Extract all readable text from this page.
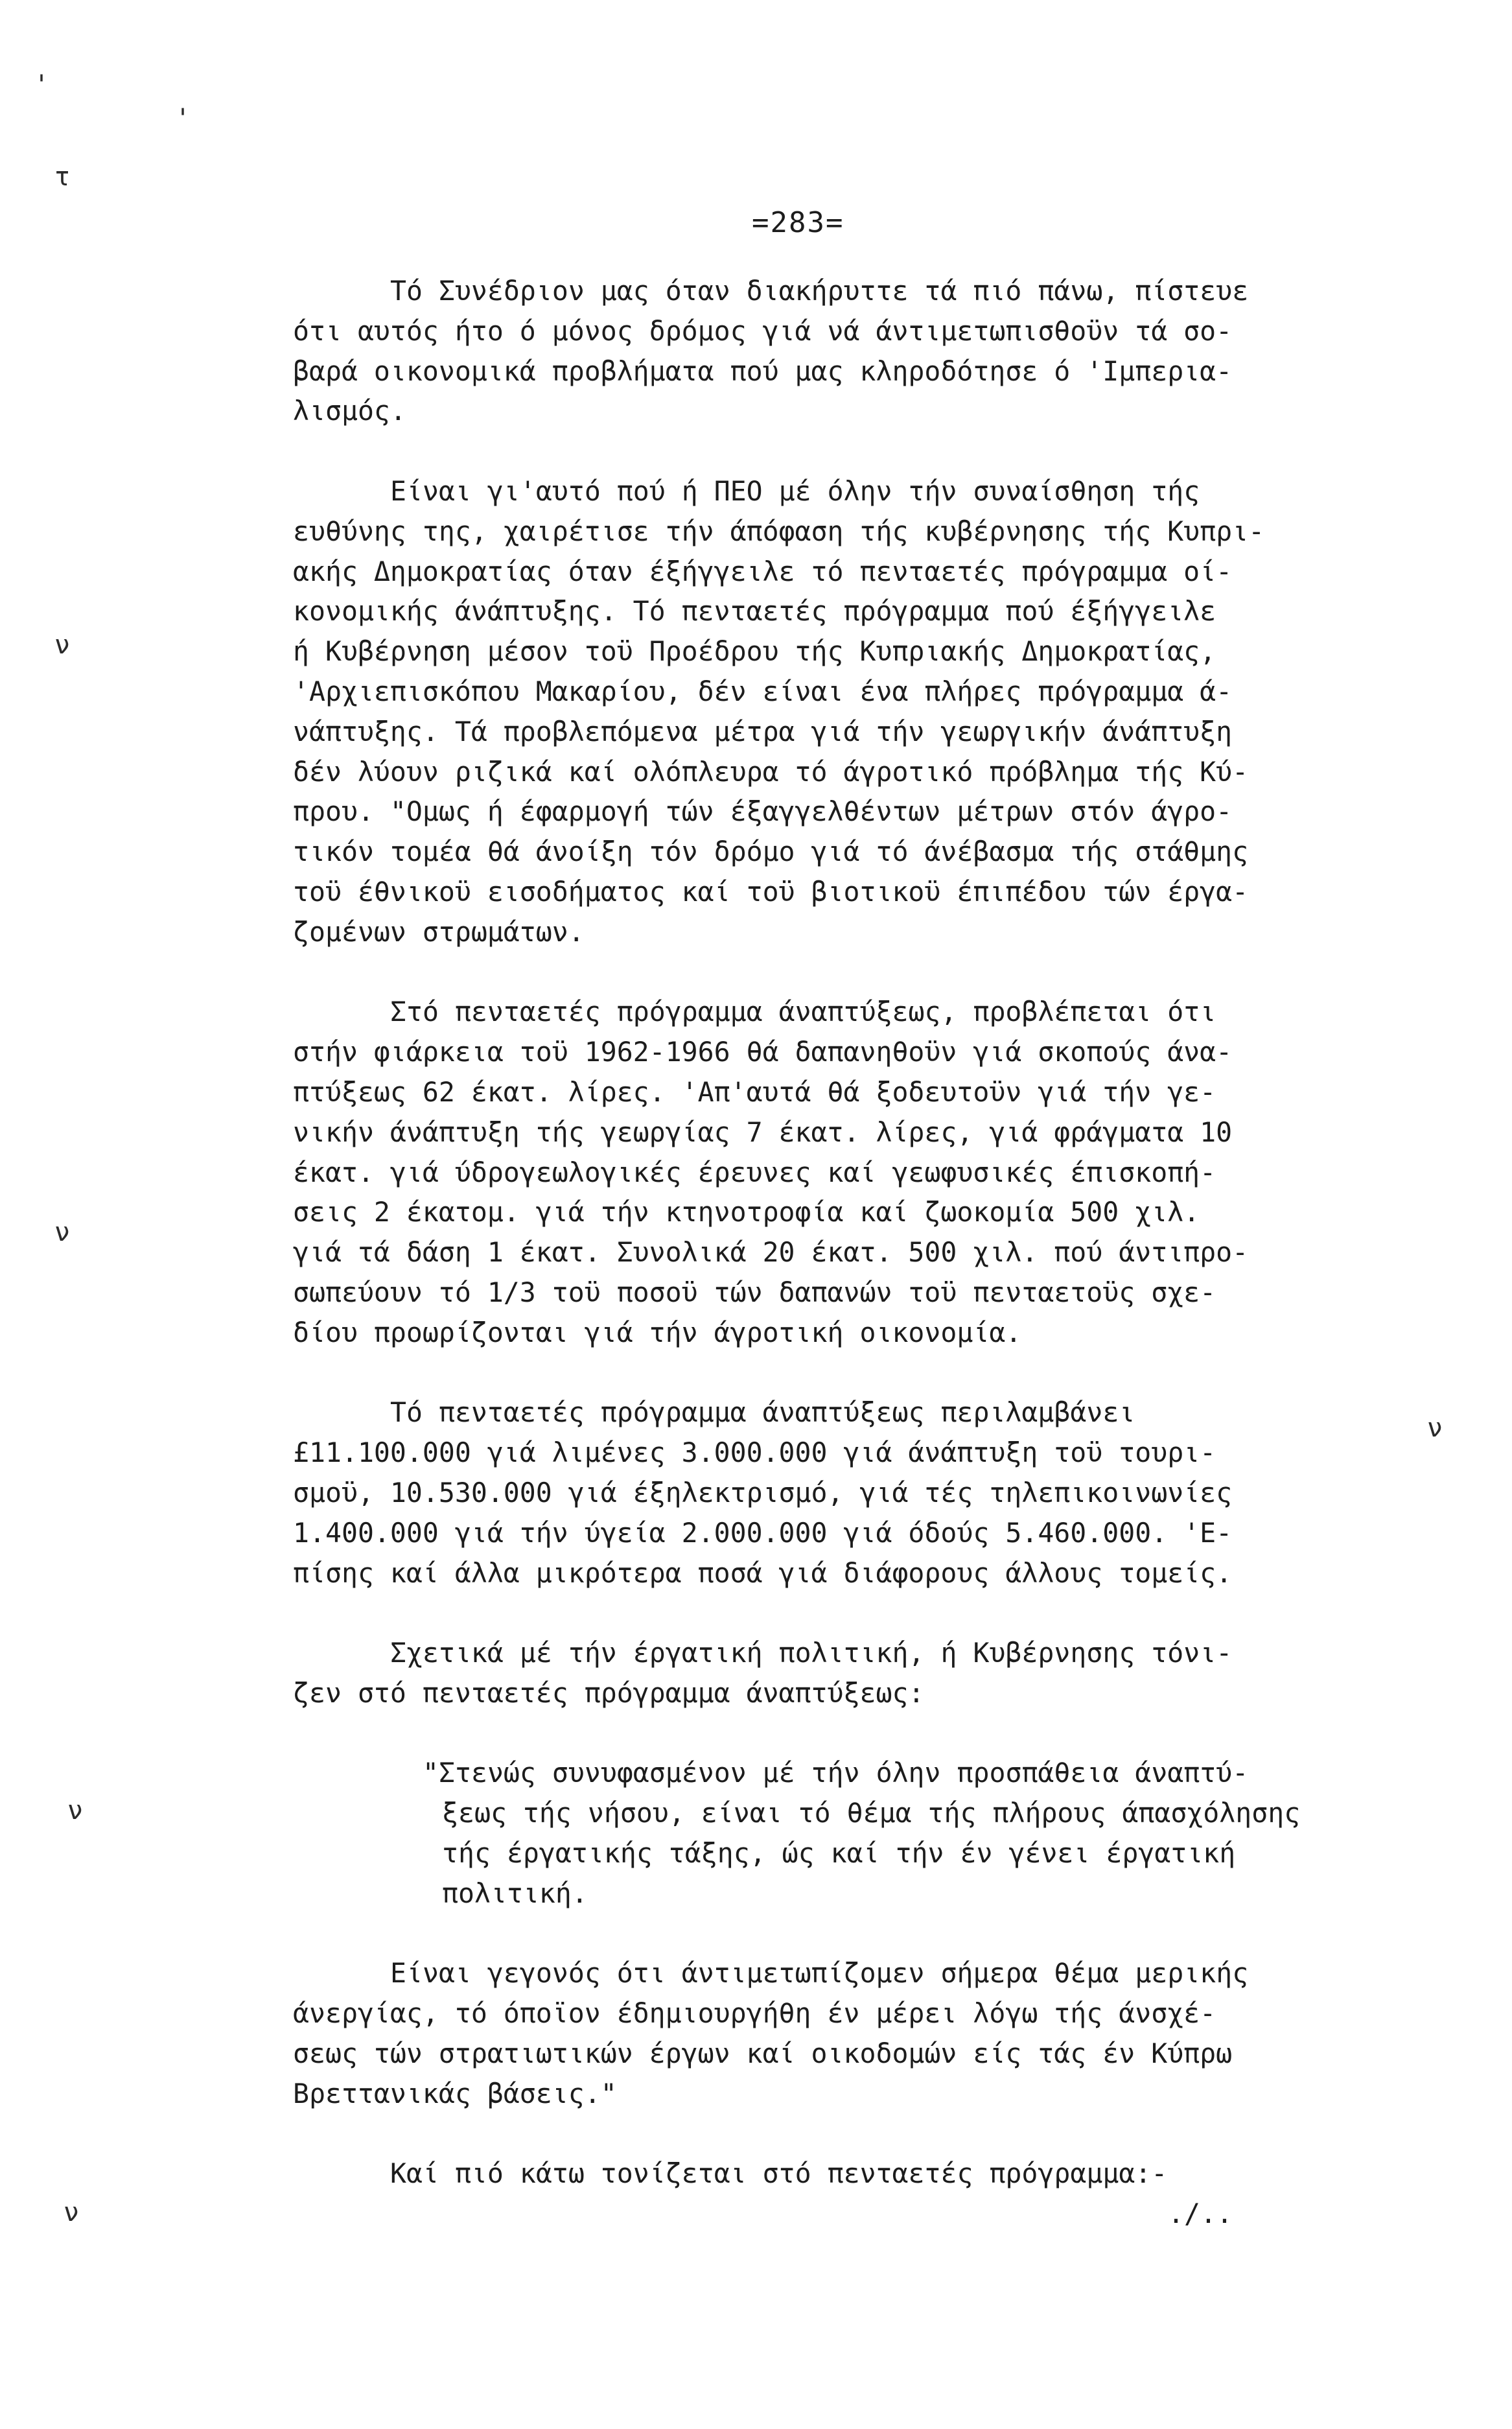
=283=
'
'
τ
ν
ν
ν
ν
ν
Τό Συνέδριον μας όταν διακήρυττε τά πιό πάνω, πίστευε
ότι αυτός ήτο ό μόνος δρόμος γιά νά άντιμετωπισθοϋν τά σο-
βαρά οικονομικά προβλήματα πού μας κληροδότησε ό 'Ιμπερια-
λισμός.
Είναι γι'αυτό πού ή ΠΕΟ μέ όλην τήν συναίσθηση τής
ευθύνης της, χαιρέτισε τήν άπόφαση τής κυβέρνησης τής Κυπρι-
ακής Δημοκρατίας όταν έξήγγειλε τό πενταετές πρόγραμμα οί-
κονομικής άνάπτυξης. Τό πενταετές πρόγραμμα πού έξήγγειλε
ή Κυβέρνηση μέσον τοϋ Προέδρου τής Κυπριακής Δημοκρατίας,
'Αρχιεπισκόπου Μακαρίου, δέν είναι ένα πλήρες πρόγραμμα ά-
νάπτυξης. Τά προβλεπόμενα μέτρα γιά τήν γεωργικήν άνάπτυξη
δέν λύουν ριζικά καί ολόπλευρα τό άγροτικό πρόβλημα τής Κύ-
πρου. "Ομως ή έφαρμογή τών έξαγγελθέντων μέτρων στόν άγρο-
τικόν τομέα θά άνοίξη τόν δρόμο γιά τό άνέβασμα τής στάθμης
τοϋ έθνικοϋ εισοδήματος καί τοϋ βιοτικοϋ έπιπέδου τών έργα-
ζομένων στρωμάτων.
Στό πενταετές πρόγραμμα άναπτύξεως, προβλέπεται ότι
στήν φιάρκεια τοϋ 1962-1966 θά δαπανηθοϋν γιά σκοπούς άνα-
πτύξεως 62 έκατ. λίρες. 'Απ'αυτά θά ξοδευτοϋν γιά τήν γε-
νικήν άνάπτυξη τής γεωργίας 7 έκατ. λίρες, γιά φράγματα 10
έκατ. γιά ύδρογεωλογικές έρευνες καί γεωφυσικές έπισκοπή-
σεις 2 έκατομ. γιά τήν κτηνοτροφία καί ζωοκομία 500 χιλ.
γιά τά δάση 1 έκατ. Συνολικά 20 έκατ. 500 χιλ. πού άντιπρο-
σωπεύουν τό 1/3 τοϋ ποσοϋ τών δαπανών τοϋ πενταετοϋς σχε-
δίου προωρίζονται γιά τήν άγροτική οικονομία.
Τό πενταετές πρόγραμμα άναπτύξεως περιλαμβάνει
£11.100.000 γιά λιμένες 3.000.000 γιά άνάπτυξη τοϋ τουρι-
σμοϋ, 10.530.000 γιά έξηλεκτρισμό, γιά τές τηλεπικοινωνίες
1.400.000 γιά τήν ύγεία 2.000.000 γιά όδούς 5.460.000. 'Ε-
πίσης καί άλλα μικρότερα ποσά γιά διάφορους άλλους τομείς.
Σχετικά μέ τήν έργατική πολιτική, ή Κυβέρνησης τόνι-
ζεν στό πενταετές πρόγραμμα άναπτύξεως:
"Στενώς συνυφασμένον μέ τήν όλην προσπάθεια άναπτύ-
ξεως τής νήσου, είναι τό θέμα τής πλήρους άπασχόλησης
τής έργατικής τάξης, ώς καί τήν έν γένει έργατική
πολιτική.
Είναι γεγονός ότι άντιμετωπίζομεν σήμερα θέμα μερικής
άνεργίας, τό όποϊον έδημιουργήθη έν μέρει λόγω τής άνσχέ-
σεως τών στρατιωτικών έργων καί οικοδομών είς τάς έν Κύπρω
Βρεττανικάς βάσεις."
Καί πιό κάτω τονίζεται στό πενταετές πρόγραμμα:-
./..
